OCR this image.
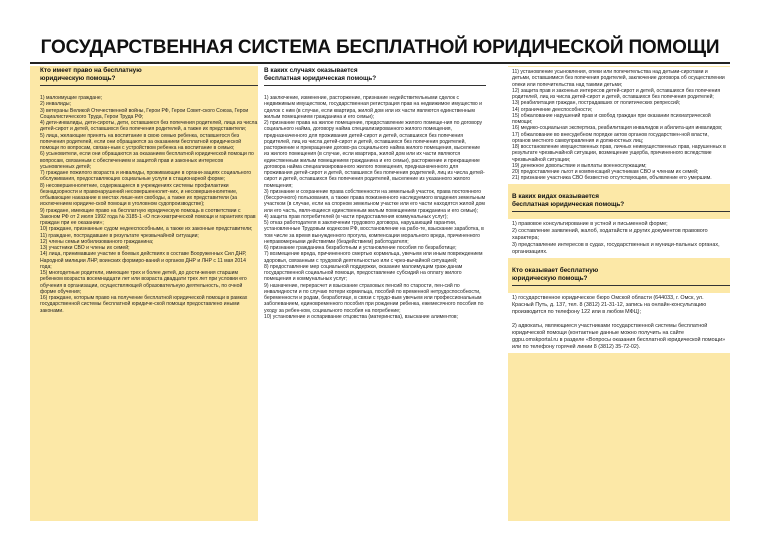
ГОСУДАРСТВЕННАЯ СИСТЕМА БЕСПЛАТНОЙ ЮРИДИЧЕСКОЙ ПОМОЩИ
Кто имеет право на бесплатную
юридическую помощь?

1) малоимущие граждане;

2) инвалиды;

3) ветераны Великой Отечественной войны, Герои РФ, Герои Совет-ского Союза, Герои Социалистического Труда, Герои Труда РФ;

4) дети-инвалиды, дети-сироты, дети, оставшиеся без попечения родителей, лица из числа детей-сирот и детей, оставшихся без попечения родителей, а также их представители;

5) лица, желающие принять на воспитание в свою семью ребенка, оставшегося без попечения родителей, если они обращаются за оказанием бесплатной юридической помощи по вопросам, связан-ным с устройством ребенка на воспитание в семью;

6) усыновители, если они обращаются за оказанием бесплатной юридической помощи по вопросам, связанным с обеспечением и защитой прав и законных интересов усыновленных детей;

7) граждане пожилого возраста и инвалиды, проживающие в органи-зациях социального обслуживания, предоставляющих социальные услуги в стационарной форме;

8) несовершеннолетние, содержащиеся в учреждениях системы профилактики безнадзорности и правонарушений несовершеннолет-них, и несовершеннолетние, отбывающие наказание в местах лише-ния свободы, а также их представители (за исключением юридиче-ской помощи в уголовном судопроизводстве);

9) граждане, имеющие право на бесплатную юридическую помощь в соответствии с Законом РФ от 2 июля 1992 года № 3185-1 «О пси-хиатрической помощи и гарантиях прав граждан при ее оказании»;

10) граждане, признанные судом недееспособными, а также их законные представители;

11) граждане, пострадавшие в результате чрезвычайной ситуации;

12) члены семьи мобилизованного гражданина;

13) участники СВО и члены их семей;

14) лица, принимавшие участие в боевых действиях в составе Вооруженных Сил ДНР, Народной милиции ЛНР, воинских формиро-ваний и органов ДНР и ЛНР с 11 мая 2014 года;

15) многодетные родители, имеющие трех и более детей, до дости-жения старшим ребенком возраста восемнадцати лет или возраста двадцати трех лет при условии его обучения в организации, осуществляющей образовательную деятельность, по очной форме обучения;

16) граждане, которым право на получение бесплатной юридической помощи в рамках государственной системы бесплатной юридиче-ской помощи предоставлено иными законами.

В каких случаях оказывается
бесплатная юридическая помощь?

1) заключение, изменение, расторжение, признание недействительными сделок с недвижимым имуществом, государственная регистрация прав на недвижимое имущество и сделок с ним (в случае, если квартира, жилой дом или их части являются единственным жилым помещением гражданина и его семьи);

2) признание права на жилое помещение, предоставление жилого помеще-ния по договору социального найма, договору найма специализированного жилого помещения, предназначенного для проживания детей-сирот и детей, оставшихся без попечения родителей, лиц из числа детей-сирот и детей, оставшихся без попечения родителей, расторжение и прекращение догово-ра социального найма жилого помещения, выселение из жилого помещения (в случае, если квартира, жилой дом или их части являются единственным жилым помещением гражданина и его семьи), расторжение и прекращение договора найма специализированного жилого помещения, предназначенного для проживания детей-сирот и детей, оставшихся без попечения родителей, лиц из числа детей-сирот и детей, оставшихся без попечения родителей, выселение из указанного жилого помещения;

3) признание и сохранение права собственности на земельный участок, права постоянного (бессрочного) пользования, а также права пожизненного наследуемого владения земельным участком (в случае, если на спорном земельном участке или его части находятся жилой дом или его часть, явля-ющиеся единственным жилым помещением гражданина и его семьи);

4) защита прав потребителей (в части предоставления коммунальных услуг);

5) отказ работодателя в заключении трудового договора, нарушающий гарантии, установленные Трудовым кодексом РФ, восстановление на рабо-те, взыскание заработка, в том числе за время вынужденного прогула, компенсации морального вреда, причиненного неправомерными действиями (бездействием) работодателя;

6) признание гражданина безработным и установление пособия по безработице;

7) возмещение вреда, причиненного смертью кормильца, увечьем или иным повреждением здоровья, связанным с трудовой деятельностью или с чрез-вычайной ситуацией;

8) предоставление мер социальной поддержки, оказание малоимущим граж-данам государственной социальной помощи, предоставление субсидий на оплату жилого помещения и коммунальных услуг;

9) назначение, перерасчет и взыскание страховых пенсий по старости, пен-сий по инвалидности и по случаю потери кормильца, пособий по временной нетрудоспособности, беременности и родам, безработице, в связи с трудо-вым увечьем или профессиональным заболеванием, единовременного пособия при рождении ребенка, ежемесячного пособия по уходу за ребен-ком, социального пособия на погребение;

10) установление и оспаривание отцовства (материнства), взыскание алиментов;

11) установление усыновления, опеки или попечительства над детьми-сиротами и детьми, оставшимися без попечения родителей, заключение договора об осуществлении опеки или попечительства над такими детьми;

12) защита прав и законных интересов детей-сирот и детей, оставшихся без попечения родителей, лиц из числа детей-сирот и детей, оставшихся без попечения родителей;

13) реабилитация граждан, пострадавших от политических репрессий;

14) ограничение дееспособности;

15) обжалование нарушений прав и свобод граждан при оказании психиатрической помощи;

16) медико-социальная экспертиза, реабилитация инвалидов и абилита-ция инвалидов;

17) обжалование во внесудебном порядке актов органов государствен-ной власти, органов местного самоуправления и должностных лиц;

18) восстановление имущественных прав, личных неимущественных прав, нарушенных в результате чрезвычайной ситуации, возмещение ущерба, причиненного вследствие чрезвычайной ситуации;

19) денежное довольствие и выплаты военнослужащим;

20) предоставление льгот и компенсаций участникам СВО и членам их семей;

21) признание участника СВО безвестно отсутствующим, объявление его умершим.

В каких видах оказывается
бесплатная юридическая помощь?

1) правовое консультирование в устной и письменной форме;

2) составление заявлений, жалоб, ходатайств и других документов правового характера;

3) представление интересов в судах, государственных и муници-пальных органах, организациях.

Кто оказывает бесплатную
юридическую помощь?

1) государственное юридическое бюро Омской области (644033, г. Омск, ул. Красный Путь, д. 137, тел. 8 (3812) 21-31-12, запись на онлайн-консультацию производится по телефону 122 или в любом МФЦ);

2) адвокаты, являющиеся участниками государственной системы бесплатной юридической помощи (контактные данные можно получить на сайте ggpu.omskportal.ru в разделе «Вопросы оказания бесплатной юридической помощи» или по телефону горячей линии 8 (3812) 35-72-02).
